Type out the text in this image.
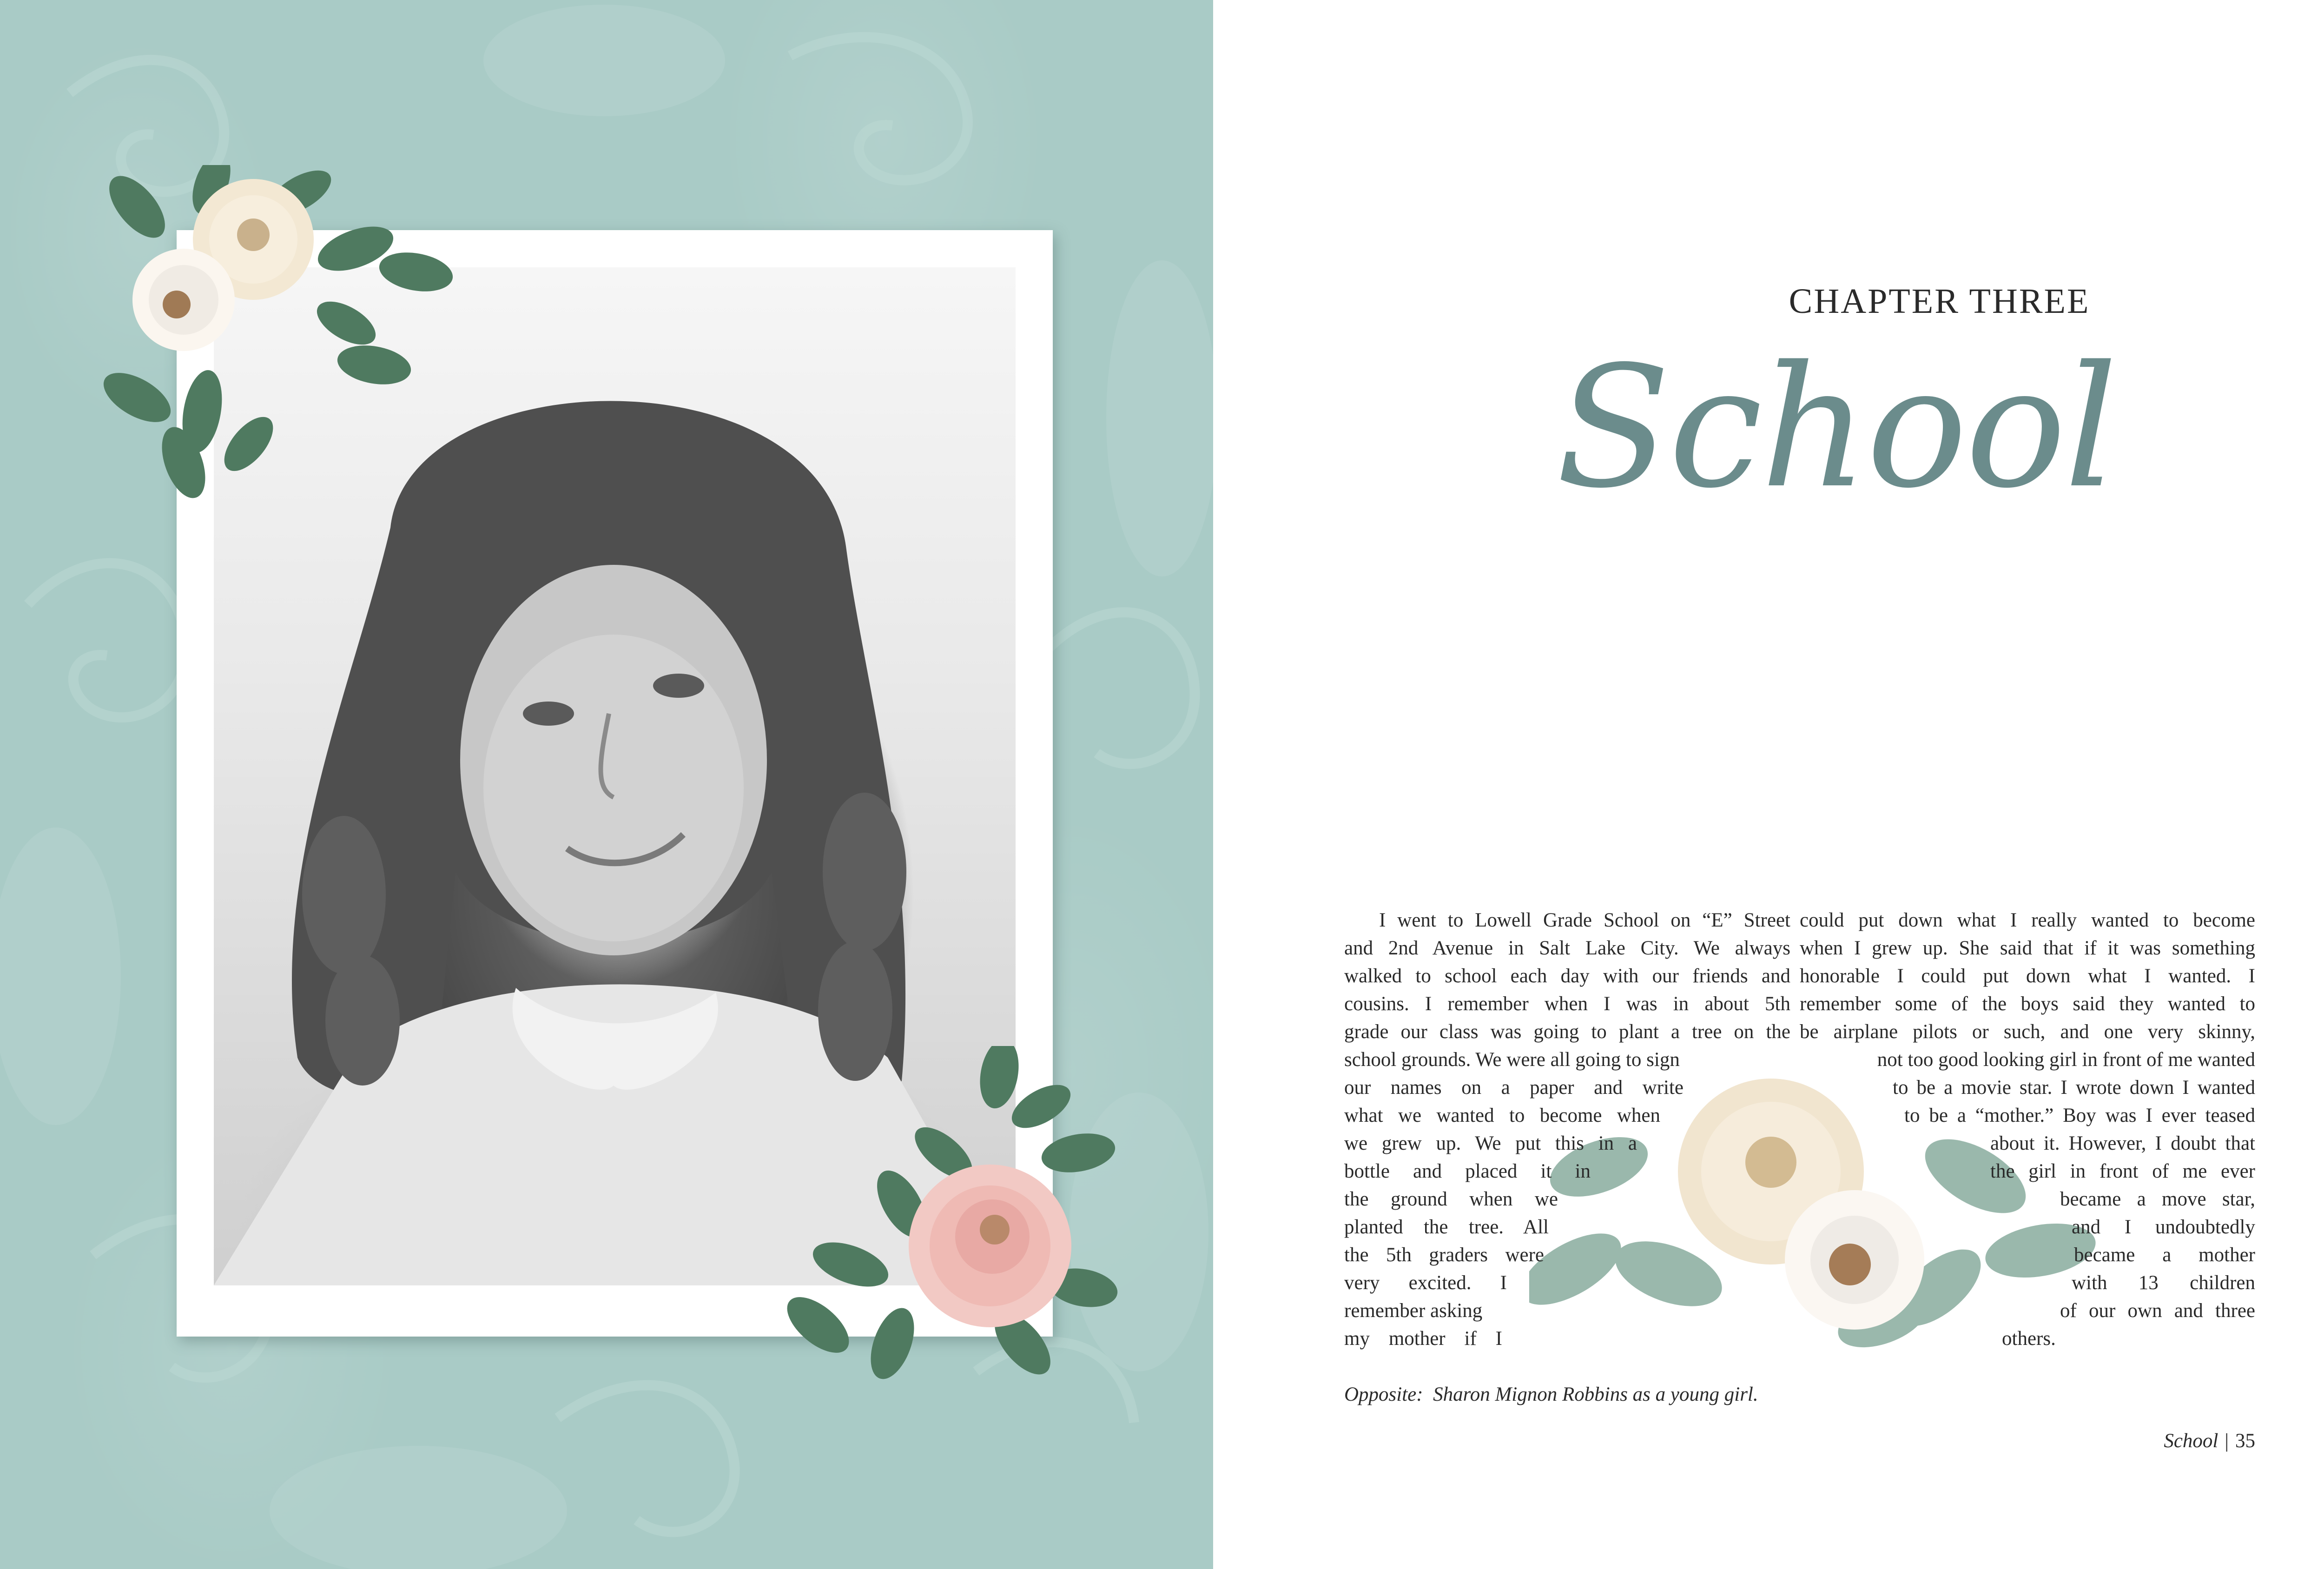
CHAPTER THREE
School
I went to Lowell Grade School on “E” Street
and 2nd Avenue in Salt Lake City. We always
walked to school each day with our friends and
cousins. I remember when I was in about 5th
grade our class was going to plant a tree on the
school grounds. We were all going to sign
our names on a paper and write
what we wanted to become when
we grew up. We put this in a
bottle and placed it in
the ground when we
planted the tree. All
the 5th graders were
very excited. I
remember asking
my mother if I
could put down what I really wanted to become
when I grew up. She said that if it was something
honorable I could put down what I wanted. I
remember some of the boys said they wanted to
be airplane pilots or such, and one very skinny,
not too good looking girl in front of me wanted
to be a movie star. I wrote down I wanted
to be a “mother.” Boy was I ever teased
about it. However, I doubt that
the girl in front of me ever
became a move star,
and I undoubtedly
became a mother
with 13 children
of our own and three
others.
Opposite:  Sharon Mignon Robbins as a young girl.
School | 35
